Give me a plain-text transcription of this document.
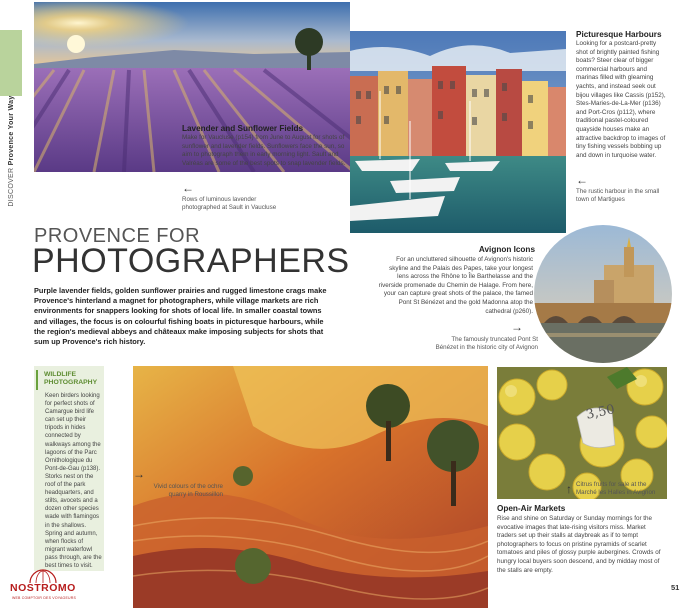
DISCOVER Provence Your Way	Lavender and Sunflower Fields
Make for Vaucluse (p154) from June to August for shots of sunflower and lavender fields. Sunflowers face the sun, so aim to photograph them in early morning light. Sault and Valréas are some of the best spots to snap lavender fields.
←
Rows of luminous lavender photographed at Sault in Vaucluse
Picturesque Harbours
Looking for a postcard-pretty shot of brightly painted fishing boats? Steer clear of bigger commercial harbours and marinas filled with gleaming yachts, and instead seek out bijou villages like Cassis (p152), Stes-Maries-de-La-Mer (p136) and Port-Cros (p112), where traditional pastel-coloured quayside houses make an attractive backdrop to images of tiny fishing vessels bobbing up and down in turquoise water.
←
The rustic harbour in the small town of Martigues
PROVENCE FOR
PHOTOGRAPHERS
Purple lavender fields, golden sunflower prairies and rugged limestone crags make Provence's hinterland a magnet for photographers, while village markets are rich environments for snappers looking for shots of local life. In smaller coastal towns and villages, the focus is on colourful fishing boats in picturesque harbours, while the region's medieval abbeys and châteaux make imposing subjects for shots that sum up Provence's rich history.
Avignon Icons
For an uncluttered silhouette of Avignon's historic skyline and the Palais des Papes, take your longest lens across the Rhône to Île Barthelasse and the riverside promenade du Chemin de Halage. From here, your can capture great shots of the palace, the famed Pont St Bénézet and the gold Madonna atop the cathedral (p260).
→
The famously truncated Pont St Bénézet in the historic city of Avignon
WILDLIFE PHOTOGRAPHY
Keen birders looking for perfect shots of Camargue bird life can set up their tripods in hides connected by walkways among the lagoons of the Parc Ornithologique du Pont-de-Gau (p138). Storks nest on the roof of the park headquarters, and stilts, avocets and a dozen other species wade with flamingos in the shallows. Spring and autumn, when flocks of migrant waterfowl pass through, are the best times to visit.
→
Vivid colours of the ochre quarry in Roussillon
3,50
↑ Citrus fruits for sale at the Marché les Halles in Avignon
Open-Air Markets
Rise and shine on Saturday or Sunday mornings for the evocative images that late-rising visitors miss. Market traders set up their stalls at daybreak as if to tempt photographers to focus on pristine pyramids of scarlet tomatoes and piles of glossy purple aubergines. Crowds of hungry local buyers soon descend, and by midday most of the stalls are empty.
51
NOSTROMO
WEB COMPTOIR DES VOYAGEURS
